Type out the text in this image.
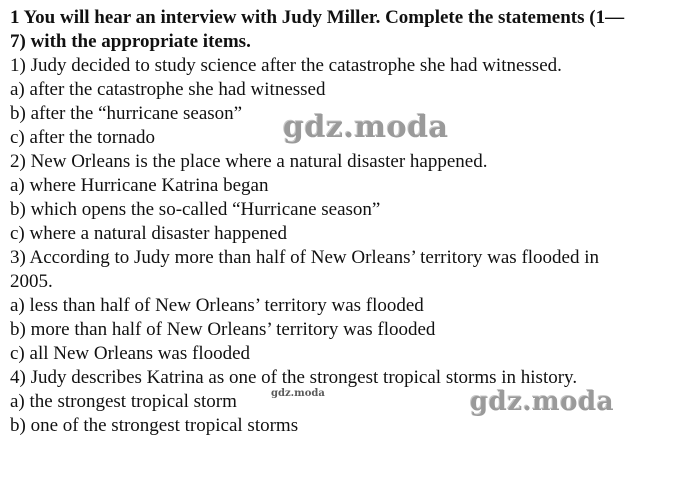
1 You will hear an interview with Judy Miller. Complete the statements (1—
7) with the appropriate items.
1) Judy decided to study science after the catastrophe she had witnessed.
a) after the catastrophe she had witnessed
b) after the “hurricane season”
c) after the tornado
2) New Orleans is the place where a natural disaster happened.
a) where Hurricane Katrina began
b) which opens the so-called “Hurricane season”
c) where a natural disaster happened
3) According to Judy more than half of New Orleans’ territory was flooded in
2005.
a) less than half of New Orleans’ territory was flooded
b) more than half of New Orleans’ territory was flooded
c) all New Orleans was flooded
4) Judy describes Katrina as one of the strongest tropical storms in history.
a) the strongest tropical storm
b) one of the strongest tropical storms
gdz.moda
gdz.moda	gdz.moda
